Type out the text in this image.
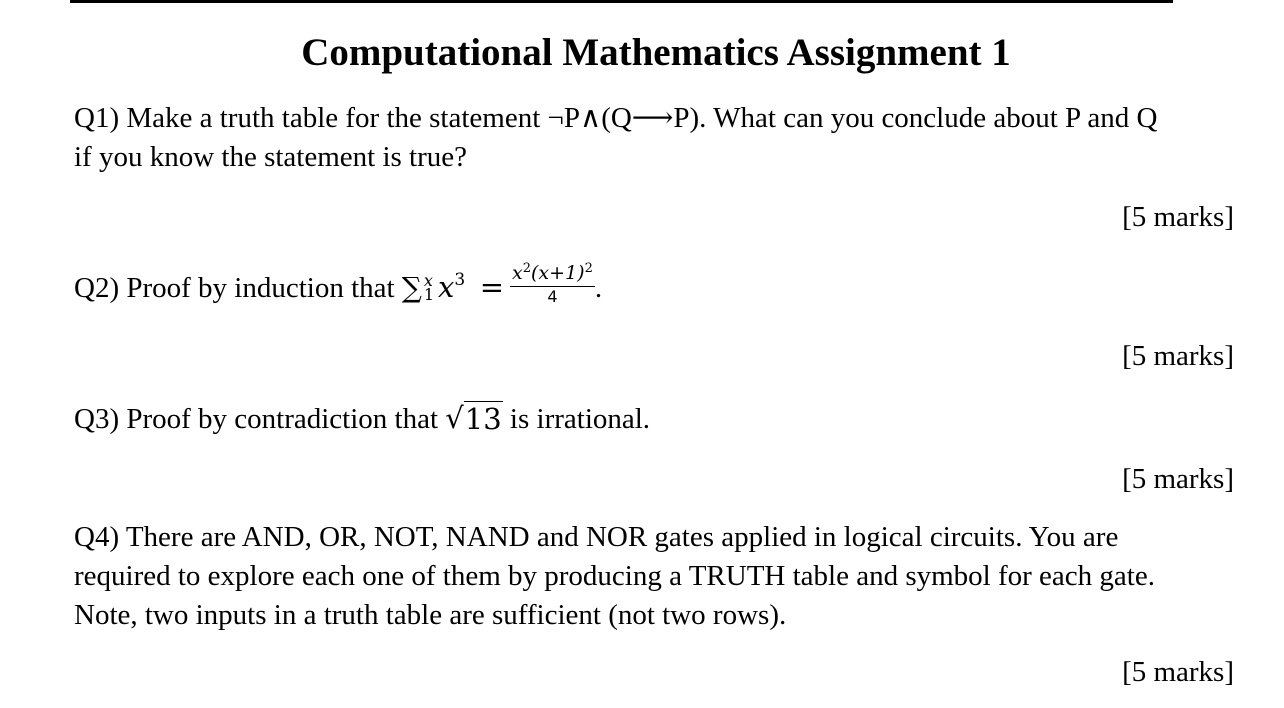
Computational Mathematics Assignment 1
Q1) Make a truth table for the statement ¬P∧(Q⟶P). What can you conclude about P and Q
if you know the statement is true?
[5 marks]
Q2) Proof by induction that ∑ x
1 $x^3 = \frac{x^2(x+1)^2}{4}$ .
[5 marks]
Q3) Proof by contradiction that √13 is irrational.
[5 marks]
Q4) There are AND, OR, NOT, NAND and NOR gates applied in logical circuits. You are
required to explore each one of them by producing a TRUTH table and symbol for each gate.
Note, two inputs in a truth table are sufficient (not two rows).
[5 marks]
